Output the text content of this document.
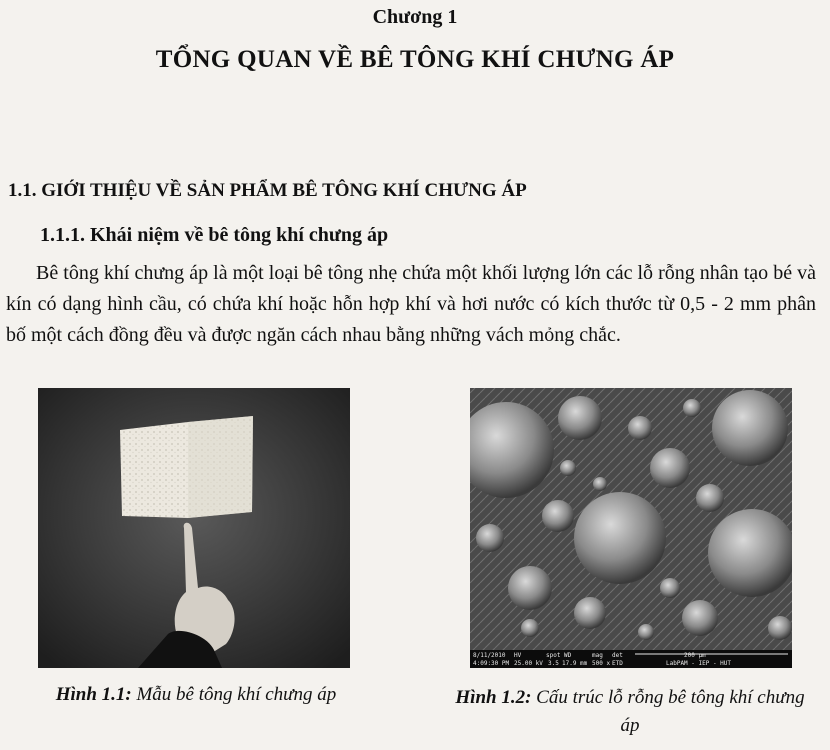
Chương 1
TỔNG QUAN VỀ BÊ TÔNG KHÍ CHƯNG ÁP
1.1. GIỚI THIỆU VỀ SẢN PHẨM BÊ TÔNG KHÍ CHƯNG ÁP
1.1.1. Khái niệm về bê tông khí chưng áp

Bê tông khí chưng áp là một loại bê tông nhẹ chứa một khối lượng lớn các lỗ rỗng nhân tạo bé và kín có dạng hình cầu, có chứa khí hoặc hỗn hợp khí và hơi nước có kích thước từ 0,5 - 2 mm phân bố một cách đồng đều và được ngăn cách nhau bằng những vách mỏng chắc.

8/11/2010
4:09:30 PM
HV
25.00 kV
spot
3.5
WD
17.9 mm
mag
500 x
det
ETD
200 µm
LabPAM - IEP - HUT
Hình 1.1: Mẫu bê tông khí chưng áp	Hình 1.2: Cấu trúc lỗ rỗng bê tông khí chưng áp
